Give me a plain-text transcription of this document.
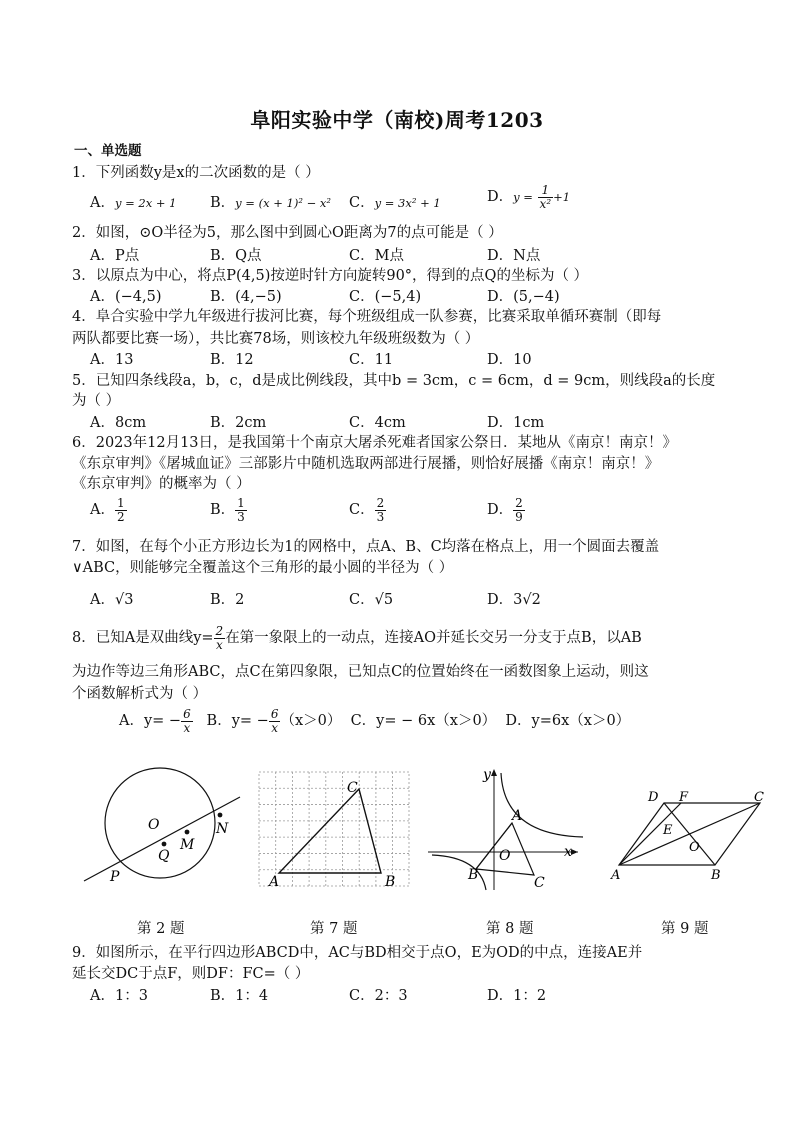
阜阳实验中学（南校)周考1203
一、单选题
1．下列函数y是x的二次函数的是（ ）
A．y = 2x + 1 B．y = (x + 1)² − x² C．y = 3x² + 1	D．$y = \frac{1}{\text{x²}} +1$
2．如图，⊙O半径为5，那么图中到圆心O距离为7的点可能是（ ）
A．P点	B．Q点	C．M点	D．N点
3．以原点为中心，将点P(4,5)按逆时针方向旋转90°，得到的点Q的坐标为（ ）
A．(−4,5)	B．(4,−5)	C．(−5,4)	D．(5,−4)
4．阜合实验中学九年级进行拔河比赛，每个班级组成一队参赛，比赛采取单循环赛制（即每
两队都要比赛一场），共比赛78场，则该校九年级班级数为（ ）
A．13	B．12	C．11	D．10
5．已知四条线段a，b，c，d是成比例线段，其中b = 3cm，c = 6cm，d = 9cm，则线段a的长度
为（ ）
A．8cm	B．2cm	C．4cm	D．1cm
6．2023年12月13日，是我国第十个南京大屠杀死难者国家公祭日．某地从《南京！南京！》
《东京审判》《屠城血证》三部影片中随机选取两部进行展播，则恰好展播《南京！南京！》
《东京审判》的概率为（ ）
A． $\frac{1}{2}$	B． $\frac{1}{3}$	C． $\frac{2}{3}$	D． $\frac{2}{9}$
7．如图，在每个小正方形边长为1的网格中，点A、B、C均落在格点上，用一个圆面去覆盖
∨ABC，则能够完全覆盖这个三角形的最小圆的半径为（ ）
A．√3	B．2	C．√5	D．3√2
8．已知A是双曲线$y= \frac{2}{x}$ 在第一象限上的一动点，连接AO并延长交另一分支于点B，以AB
为边作等边三角形ABC，点C在第四象限，已知点C的位置始终在一函数图象上运动，则这
个函数解析式为（ ）
A．$y= - \frac{6}{x}$ B．$y= - \frac{6}{x} (x>0)$ C．y= − 6x（x＞0） D．y=6x（x＞0）
O
Q
M
N
P	A	B
C
y
x
O
A
B	C	A	B
C
D F
E
O
第 2 题	第 7 题	第 8 题	第 9 题
9．如图所示，在平行四边形ABCD中，AC与BD相交于点O，E为OD的中点，连接AE并
延长交DC于点F，则DF：FC=（ ）
A．1：3	B．1：4	C．2：3	D．1：2
